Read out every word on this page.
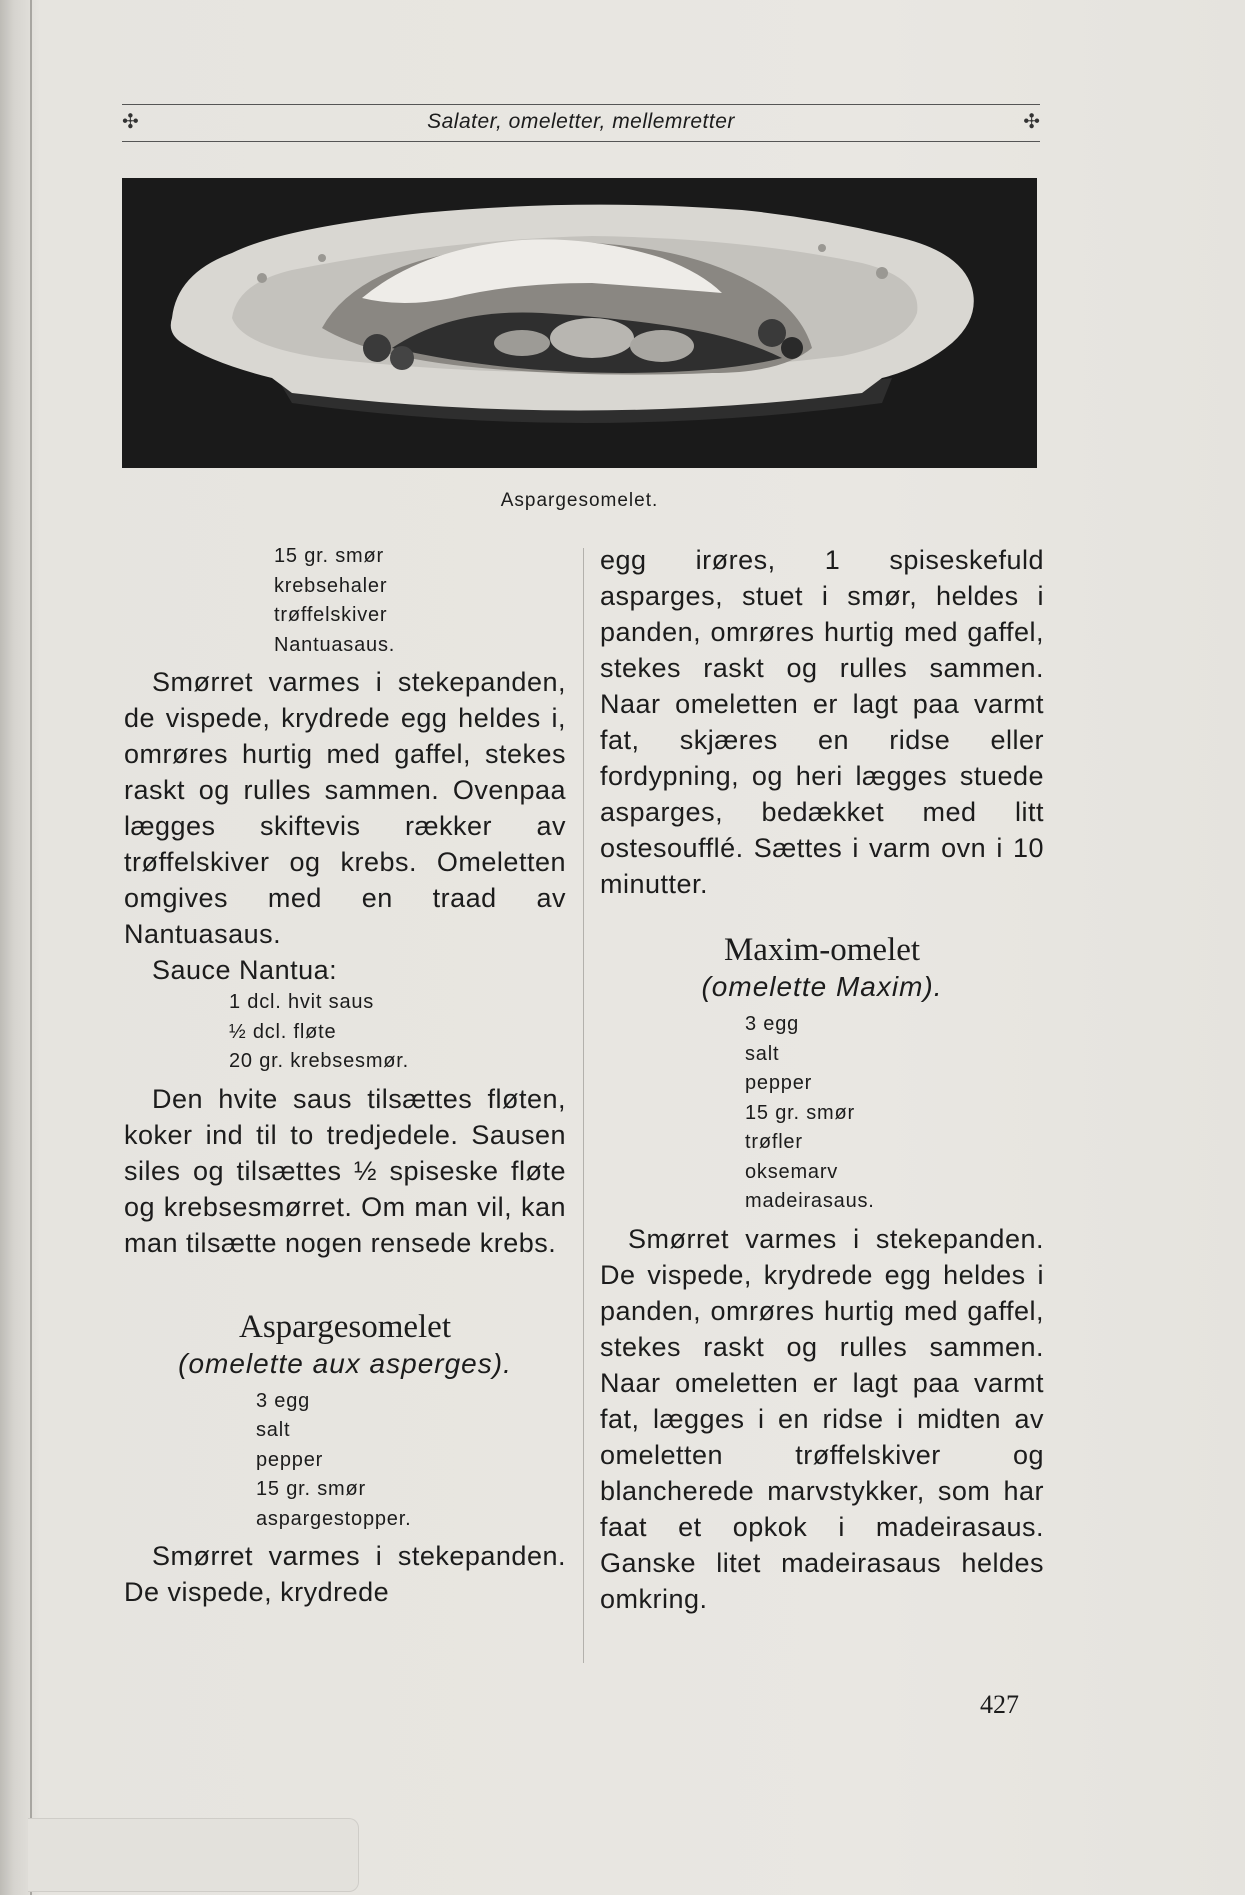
✣	Salater, omeletter, mellemretter	✣
Aspargesomelet.

15 gr. smør

krebsehaler

trøffelskiver

Nantuasaus.

Smørret varmes i stekepanden, de vispede, krydrede egg heldes i, omrøres hurtig med gaffel, stekes raskt og rulles sammen. Ovenpaa lægges skiftevis rækker av trøffelskiver og krebs. Omeletten omgives med en traad av Nantuasaus.

Sauce Nantua:

1 dcl. hvit saus

½ dcl. fløte

20 gr. krebsesmør.

Den hvite saus tilsættes fløten, koker ind til to tredjedele. Sausen siles og tilsættes ½ spiseske fløte og krebsesmørret. Om man vil, kan man tilsætte nogen rensede krebs.

Aspargesomelet

(omelette aux asperges).

3 egg

salt

pepper

15 gr. smør

aspargestopper.

Smørret varmes i stekepanden. De vispede, krydrede

egg irøres, 1 spiseskefuld asparges, stuet i smør, heldes i panden, omrøres hurtig med gaffel, stekes raskt og rulles sammen. Naar omeletten er lagt paa varmt fat, skjæres en ridse eller fordypning, og heri lægges stuede asparges, bedækket med litt ostesoufflé. Sættes i varm ovn i 10 minutter.

Maxim-omelet

(omelette Maxim).

3 egg

salt

pepper

15 gr. smør

trøfler

oksemarv

madeirasaus.

Smørret varmes i stekepanden. De vispede, krydrede egg heldes i panden, omrøres hurtig med gaffel, stekes raskt og rulles sammen. Naar omeletten er lagt paa varmt fat, lægges i en ridse i midten av omeletten trøffelskiver og blancherede marvstykker, som har faat et opkok i madeirasaus. Ganske litet madeirasaus heldes omkring.

427
